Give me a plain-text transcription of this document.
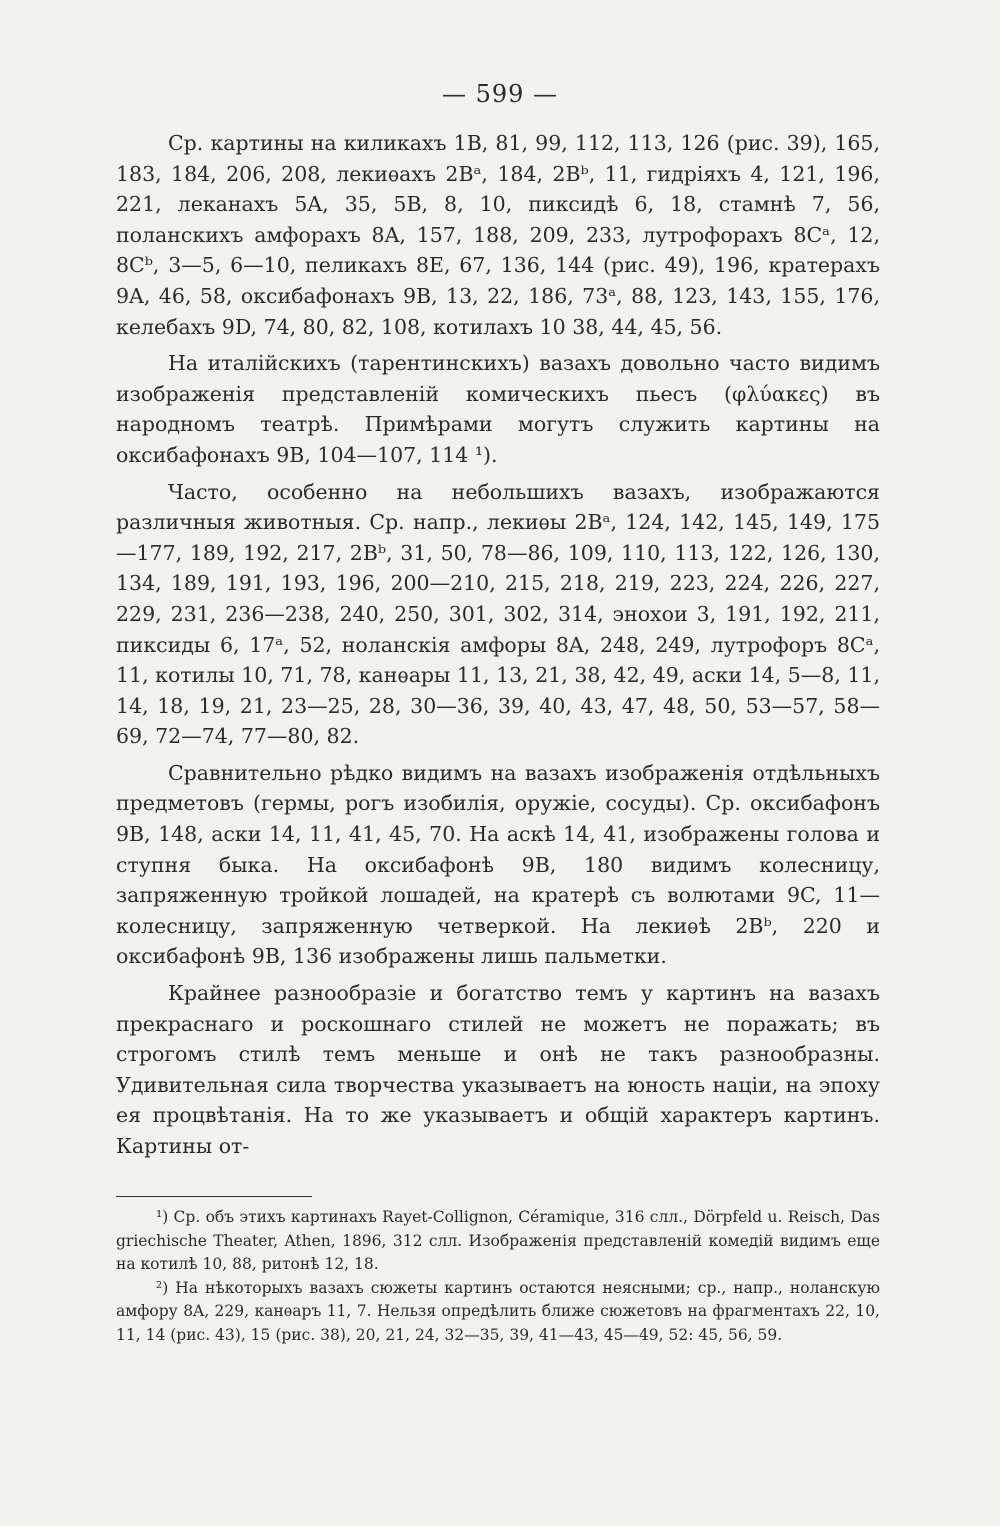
— 599 —

Ср. картины на киликахъ 1B, 81, 99, 112, 113, 126 (рис. 39), 165, 183, 184, 206, 208, лекиѳахъ 2Bᵃ, 184, 2Bᵇ, 11, гидріяхъ 4, 121, 196, 221, леканахъ 5A, 35, 5B, 8, 10, пиксидѣ 6, 18, стамнѣ 7, 56, поланскихъ амфорахъ 8A, 157, 188, 209, 233, лутрофорахъ 8Cᵃ, 12, 8Cᵇ, 3—5, 6—10, пеликахъ 8E, 67, 136, 144 (рис. 49), 196, кратерахъ 9A, 46, 58, оксибафонахъ 9B, 13, 22, 186, 73ᵃ, 88, 123, 143, 155, 176, келебахъ 9D, 74, 80, 82, 108, котилахъ 10 38, 44, 45, 56.

На италійскихъ (тарентинскихъ) вазахъ довольно часто видимъ изображенія представленій комическихъ пьесъ (φλύακες) въ народномъ театрѣ. Примѣрами могутъ служить картины на оксибафонахъ 9B, 104—107, 114 ¹).

Часто, особенно на небольшихъ вазахъ, изображаются различныя животныя. Ср. напр., лекиѳы 2Bᵃ, 124, 142, 145, 149, 175—177, 189, 192, 217, 2Bᵇ, 31, 50, 78—86, 109, 110, 113, 122, 126, 130, 134, 189, 191, 193, 196, 200—210, 215, 218, 219, 223, 224, 226, 227, 229, 231, 236—238, 240, 250, 301, 302, 314, энохои 3, 191, 192, 211, пиксиды 6, 17ᵃ, 52, ноланскія амфоры 8A, 248, 249, лутрофоръ 8Cᵃ, 11, котилы 10, 71, 78, канѳары 11, 13, 21, 38, 42, 49, аски 14, 5—8, 11, 14, 18, 19, 21, 23—25, 28, 30—36, 39, 40, 43, 47, 48, 50, 53—57, 58—69, 72—74, 77—80, 82.

Сравнительно рѣдко видимъ на вазахъ изображенія отдѣльныхъ предметовъ (гермы, рогъ изобилія, оружіе, сосуды). Ср. оксибафонъ 9B, 148, аски 14, 11, 41, 45, 70. На аскѣ 14, 41, изображены голова и ступня быка. На оксибафонѣ 9B, 180 видимъ колесницу, запряженную тройкой лошадей, на кратерѣ съ волютами 9C, 11—колесницу, запряженную четверкой. На лекиѳѣ 2Bᵇ, 220 и оксибафонѣ 9B, 136 изображены лишь пальметки.

Крайнее разнообразіе и богатство темъ у картинъ на вазахъ прекраснаго и роскошнаго стилей не можетъ не поражать; въ строгомъ стилѣ темъ меньше и онѣ не такъ разнообразны. Удивительная сила творчества указываетъ на юность націи, на эпоху ея процвѣтанія. На то же указываетъ и общій характеръ картинъ. Картины от-

¹) Ср. объ этихъ картинахъ Rayet-Collignon, Céramique, 316 слл., Dörpfeld u. Reisch, Das griechische Theater, Athen, 1896, 312 слл. Изображенія представленій комедій видимъ еще на котилѣ 10, 88, ритонѣ 12, 18.

²) На нѣкоторыхъ вазахъ сюжеты картинъ остаются неясными; ср., напр., ноланскую амфору 8A, 229, канѳаръ 11, 7. Нельзя опредѣлить ближе сюжетовъ на фрагментахъ 22, 10, 11, 14 (рис. 43), 15 (рис. 38), 20, 21, 24, 32—35, 39, 41—43, 45—49, 52: 45, 56, 59.
